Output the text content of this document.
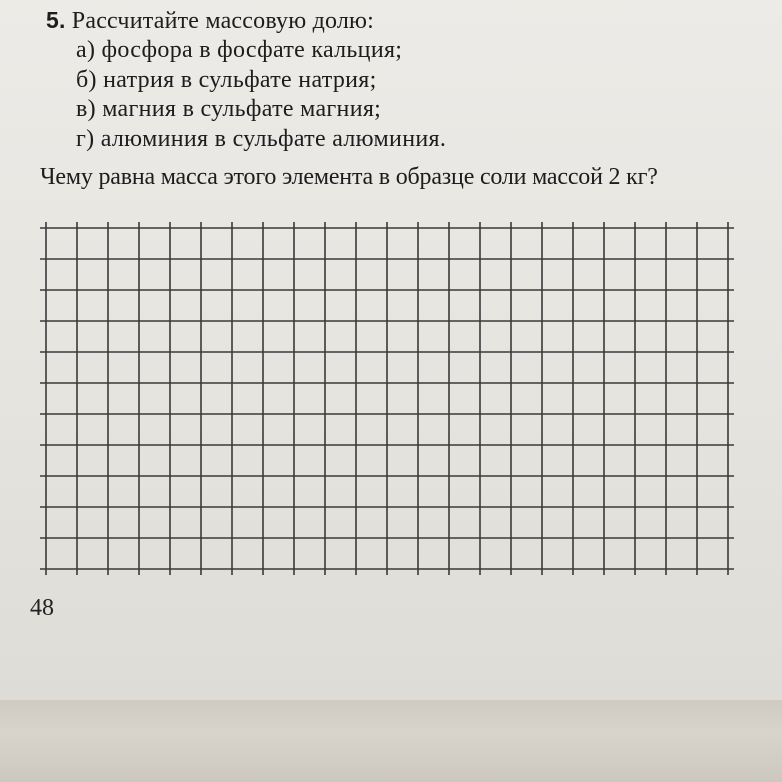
5. Рассчитайте массовую долю:
а) фосфора в фосфате кальция;
б) натрия в сульфате натрия;
в) магния в сульфате магния;
г) алюминия в сульфате алюминия.
Чему равна масса этого элемента в образце соли массой 2 кг?
48
